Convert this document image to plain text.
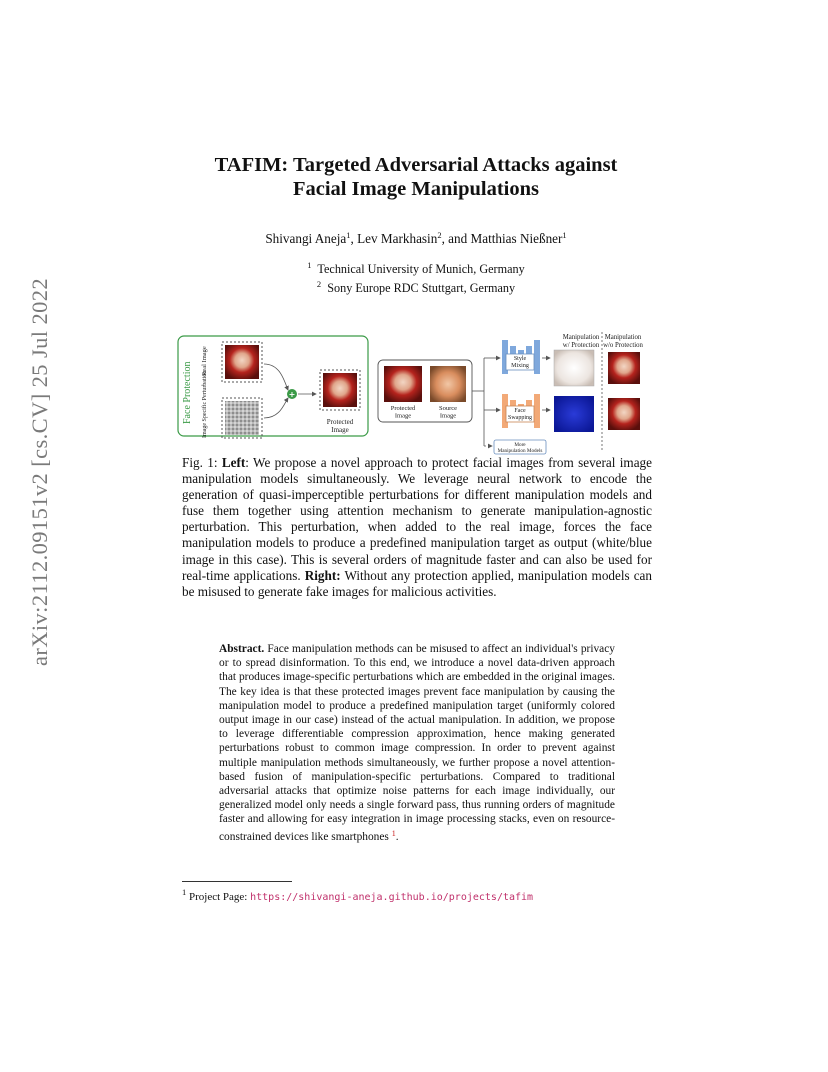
arXiv:2112.09151v2 [cs.CV] 25 Jul 2022
TAFIM: Targeted Adversarial Attacks against
Facial Image Manipulations
Shivangi Aneja$^1$, Lev Markhasin$^2$, and Matthias Nießner$^1$
$^1$ Technical University of Munich, Germany
$^2$ Sony Europe RDC Stuttgart, Germany
Face Protection
Real Image
Image Specific Perturbation	+
Protected Image
Protected Image
Source Image
Style Mixing
Face Swapping
More Manipulation Models
Manipulation w/ Protection
Manipulation w/o Protection
Fig. 1: Left: We propose a novel approach to protect facial images from several image manipulation models simultaneously. We leverage neural network to encode the generation of quasi-imperceptible perturbations for different manipulation models and fuse them together using attention mechanism to generate manipulation-agnostic perturbation. This perturbation, when added to the real image, forces the face manipulation models to produce a predefined manipulation target as output (white/blue image in this case). This is several orders of magnitude faster and can also be used for real-time applications. Right: Without any protection applied, manipulation models can be misused to generate fake images for malicious activities.
Abstract. Face manipulation methods can be misused to affect an individual's privacy or to spread disinformation. To this end, we introduce a novel data-driven approach that produces image-specific perturbations which are embedded in the original images. The key idea is that these protected images prevent face manipulation by causing the manipulation model to produce a predefined manipulation target (uniformly colored output image in our case) instead of the actual manipulation. In addition, we propose to leverage differentiable compression approximation, hence making generated perturbations robust to common image compression. In order to prevent against multiple manipulation methods simultaneously, we further propose a novel attention-based fusion of manipulation-specific perturbations. Compared to traditional adversarial attacks that optimize noise patterns for each image individually, our generalized model only needs a single forward pass, thus running orders of magnitude faster and allowing for easy integration in image processing stacks, even on resource-constrained devices like smartphones $^1$.
$^1$ Project Page: https://shivangi-aneja.github.io/projects/tafim
